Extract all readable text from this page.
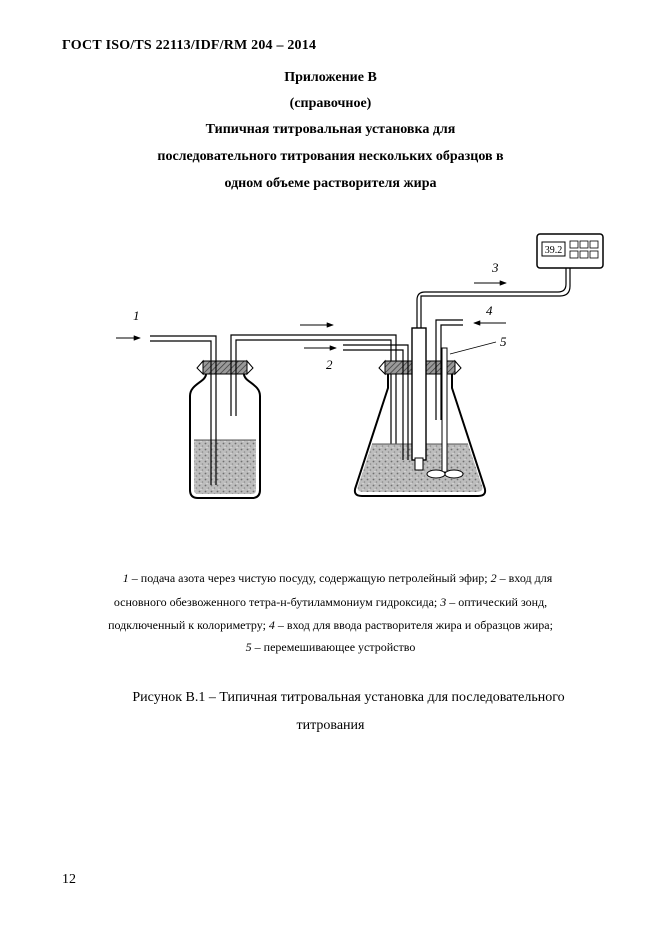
ГОСТ ISO/TS 22113/IDF/RM 204 – 2014
Приложение В
(справочное)
Типичная титровальная установка для
последовательного титрования нескольких образцов в
одном объеме растворителя жира
39.2
1
2
3
4
5
1 – подача азота через чистую посуду, содержащую петролейный эфир; 2 – вход для
основного обезвоженного тетра-н-бутиламмониум гидроксида; 3 – оптический зонд,
подключенный к колориметру; 4 – вход для ввода растворителя жира и образцов жира;
5 – перемешивающее устройство
Рисунок В.1 – Типичная титровальная установка для последовательного
титрования
12
